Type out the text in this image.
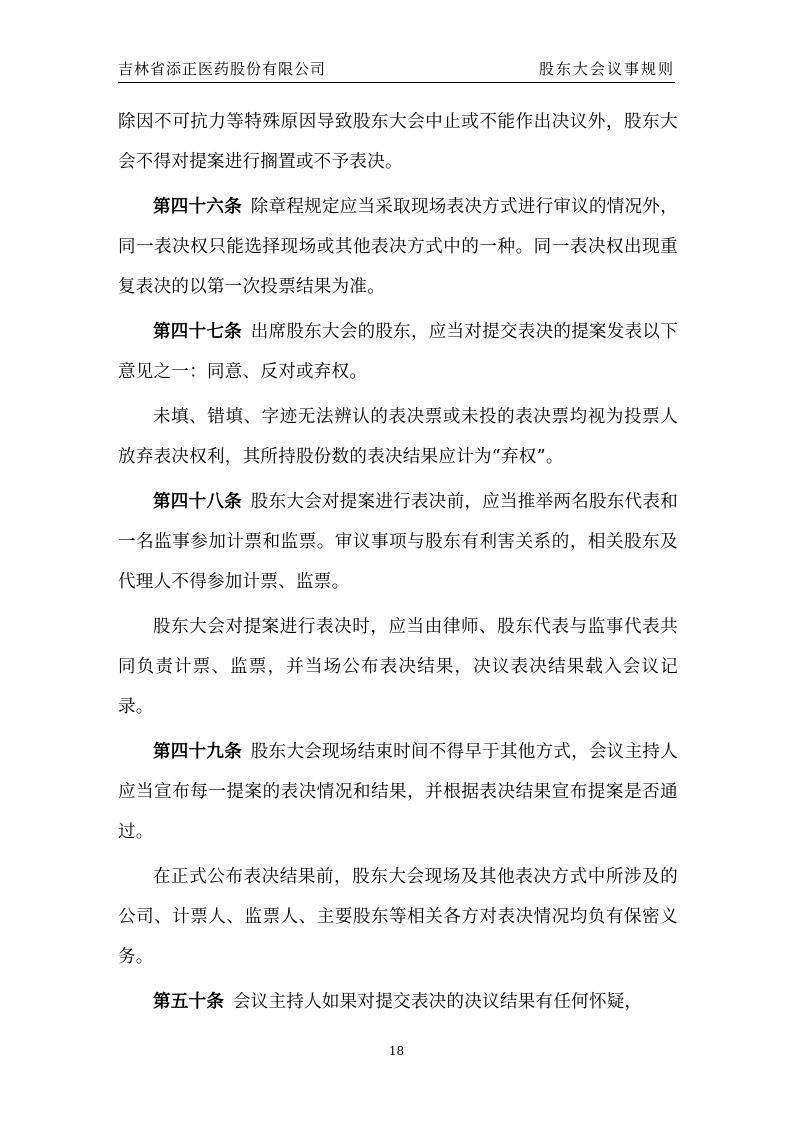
吉林省添正医药股份有限公司	股东大会议事规则

除因不可抗力等特殊原因导致股东大会中止或不能作出决议外，股东大会不得对提案进行搁置或不予表决。

第四十六条 除章程规定应当采取现场表决方式进行审议的情况外，同一表决权只能选择现场或其他表决方式中的一种。同一表决权出现重复表决的以第一次投票结果为准。

第四十七条 出席股东大会的股东，应当对提交表决的提案发表以下意见之一：同意、反对或弃权。

未填、错填、字迹无法辨认的表决票或未投的表决票均视为投票人放弃表决权利，其所持股份数的表决结果应计为“弃权”。

第四十八条 股东大会对提案进行表决前，应当推举两名股东代表和一名监事参加计票和监票。审议事项与股东有利害关系的，相关股东及代理人不得参加计票、监票。

股东大会对提案进行表决时，应当由律师、股东代表与监事代表共同负责计票、监票，并当场公布表决结果，决议表决结果载入会议记录。

第四十九条 股东大会现场结束时间不得早于其他方式，会议主持人应当宣布每一提案的表决情况和结果，并根据表决结果宣布提案是否通过。

在正式公布表决结果前，股东大会现场及其他表决方式中所涉及的公司、计票人、监票人、主要股东等相关各方对表决情况均负有保密义务。

第五十条 会议主持人如果对提交表决的决议结果有任何怀疑，

18
